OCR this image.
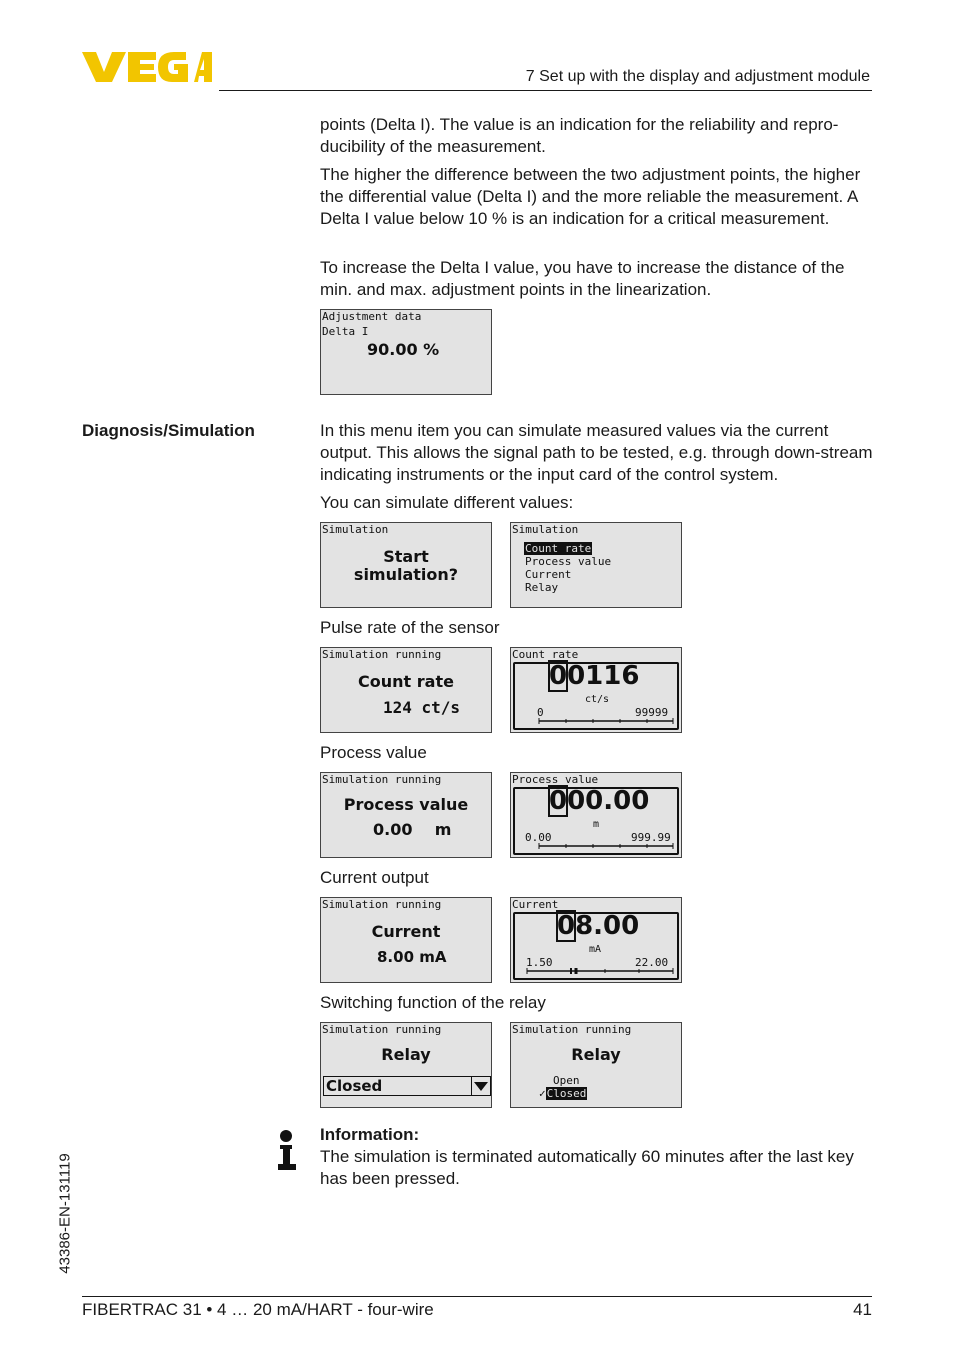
7 Set up with the display and adjustment module

points (Delta I). The value is an indication for the reliability and repro-ducibility of the measurement.

The higher the difference between the two adjustment points, the higher the differential value (Delta I) and the more reliable the measurement. A Delta I value below 10 % is an indication for a critical measurement.

To increase the Delta I value, you have to increase the distance of the min. and max. adjustment points in the linearization.

Adjustment data
Delta I
90.00 %
Diagnosis/Simulation	In this menu item you can simulate measured values via the current output. This allows the signal path to be tested, e.g. through down-stream indicating instruments or the input card of the control system.

You can simulate different values:

Simulation
Start
simulation?
Simulation
Count rate
Process value
Current
Relay
Pulse rate of the sensor
Simulation running
Count rate
124 ct/s
Count rate
00116
ct/s
0	99999
Process value
Simulation running
Process value
0.00    m
Process value
000.00
m
0.00	999.99
Current output
Simulation running
Current
8.00 mA
Current
08.00
mA
1.50	22.00
Switching function of the relay
Simulation running
Relay
Closed
Simulation running
Relay
Open
✓Closed
Information:
The simulation is terminated automatically 60 minutes after the last key has been pressed.
43386-EN-131119
FIBERTRAC 31 • 4 … 20 mA/HART - four-wire	41
